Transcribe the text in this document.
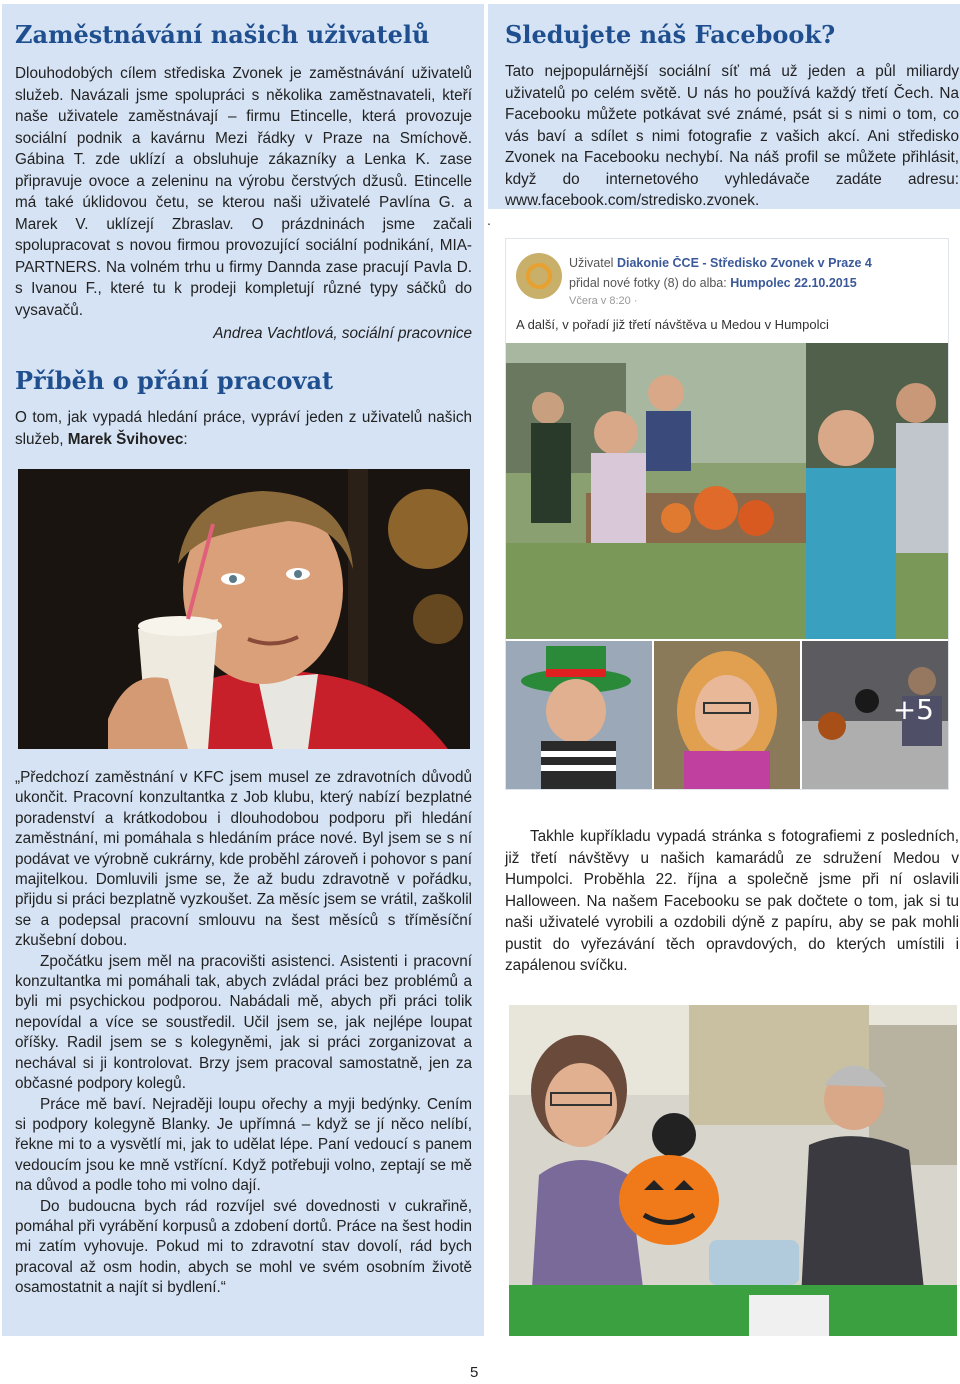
Zaměstnávání našich uživatelů

Dlouhodobých cílem střediska Zvonek je zaměstnávání uživatelů služeb. Navázali jsme spolupráci s několika zaměstnavateli, kteří naše uživatele zaměstnávají – firmu Etincelle, která provozuje sociální podnik a kavárnu Mezi řádky v Praze na Smíchově. Gábina T. zde uklízí a obsluhuje zákazníky a Lenka K. zase připravuje ovoce a zeleninu na výrobu čerstvých džusů. Etincelle má také úklidovou četu, se kterou naši uživatelé Pavlína G. a Marek V. uklízejí Zbraslav. O prázdninách jsme začali spolupracovat s novou firmou provozující sociální podnikání, MIA-PARTNERS. Na volném trhu u firmy Dannda zase pracují Pavla D. s Ivanou F., které tu k prodeji kompletují různé typy sáčků do vysavačů.

Andrea Vachtlová, sociální pracovnice
Příběh o přání pracovat

O tom, jak vypadá hledání práce, vypráví jeden z uživatelů našich služeb, Marek Švihovec:

„Předchozí zaměstnání v KFC jsem musel ze zdravotních důvodů ukončit. Pracovní konzultantka z Job klubu, který nabízí bezplatné poradenství a krátkodobou i dlouhodobou podporu při hledání zaměstnání, mi pomáhala s hledáním práce nové. Byl jsem se s ní podávat ve výrobně cukrárny, kde proběhl zároveň i pohovor s paní majitelkou. Domluvili jsme se, že až budu zdravotně v pořádku, přijdu si práci bezplatně vyzkoušet. Za měsíc jsem se vrátil, zaškolil se a podepsal pracovní smlouvu na šest měsíců s tříměsíční zkušební dobou.

Zpočátku jsem měl na pracovišti asistenci. Asistenti i pracovní konzultantka mi pomáhali tak, abych zvládal práci bez problémů a byli mi psychickou podporou. Nabádali mě, abych při práci tolik nepovídal a více se soustředil. Učil jsem se, jak nejlépe loupat oříšky. Radil jsem se s kolegyněmi, jak si práci zorganizovat a nechával si ji kontrolovat. Brzy jsem pracoval samostatně, jen za občasné podpory kolegů.

Práce mě baví. Nejraději loupu ořechy a myji bedýnky. Cením si podpory kolegyně Blanky. Je upřímná – když se jí něco nelíbí, řekne mi to a vysvětlí mi, jak to udělat lépe. Paní vedoucí s panem vedoucím jsou ke mně vstřícní. Když potřebuji volno, zeptají se mě na důvod a podle toho mi volno dají.

Do budoucna bych rád rozvíjel své dovednosti v cukrařině, pomáhal při vyrábění korpusů a zdobení dortů. Práce na šest hodin mi zatím vyhovuje. Pokud mi to zdravotní stav dovolí, rád bych pracoval až osm hodin, abych se mohl ve svém osobním životě osamostatnit a najít si bydlení.“

Sledujete náš Facebook?

Tato nejpopulárnější sociální síť má už jeden a půl miliardy uživatelů po celém světě. U nás ho používá každý třetí Čech. Na Facebooku můžete potkávat své známé, psát si s nimi o tom, co vás baví a sdílet s nimi fotografie z vašich akcí. Ani středisko Zvonek na Facebooku nechybí. Na náš profil se můžete přihlásit, když do internetového vyhledávače zadáte adresu: www.facebook.com/stredisko.zvonek.

.
Uživatel Diakonie ČCE - Středisko Zvonek v Praze 4
přidal nové fotky (8) do alba: Humpolec 22.10.2015
Včera v 8:20 ·
A další, v pořadí již třetí návštěva u Medou v Humpolci
+5

Takhle kupříkladu vypadá stránka s fotografiemi z posledních, již třetí návštěvy u našich kamarádů ze sdružení Medou v Humpolci. Proběhla 22. října a společně jsme při ní oslavili Halloween. Na našem Facebooku se pak dočtete o tom, jak si tu naši uživatelé vyrobili a ozdobili dýně z papíru, aby se pak mohli pustit do vyřezávání těch opravdových, do kterých umístili i zapálenou svíčku.

5
